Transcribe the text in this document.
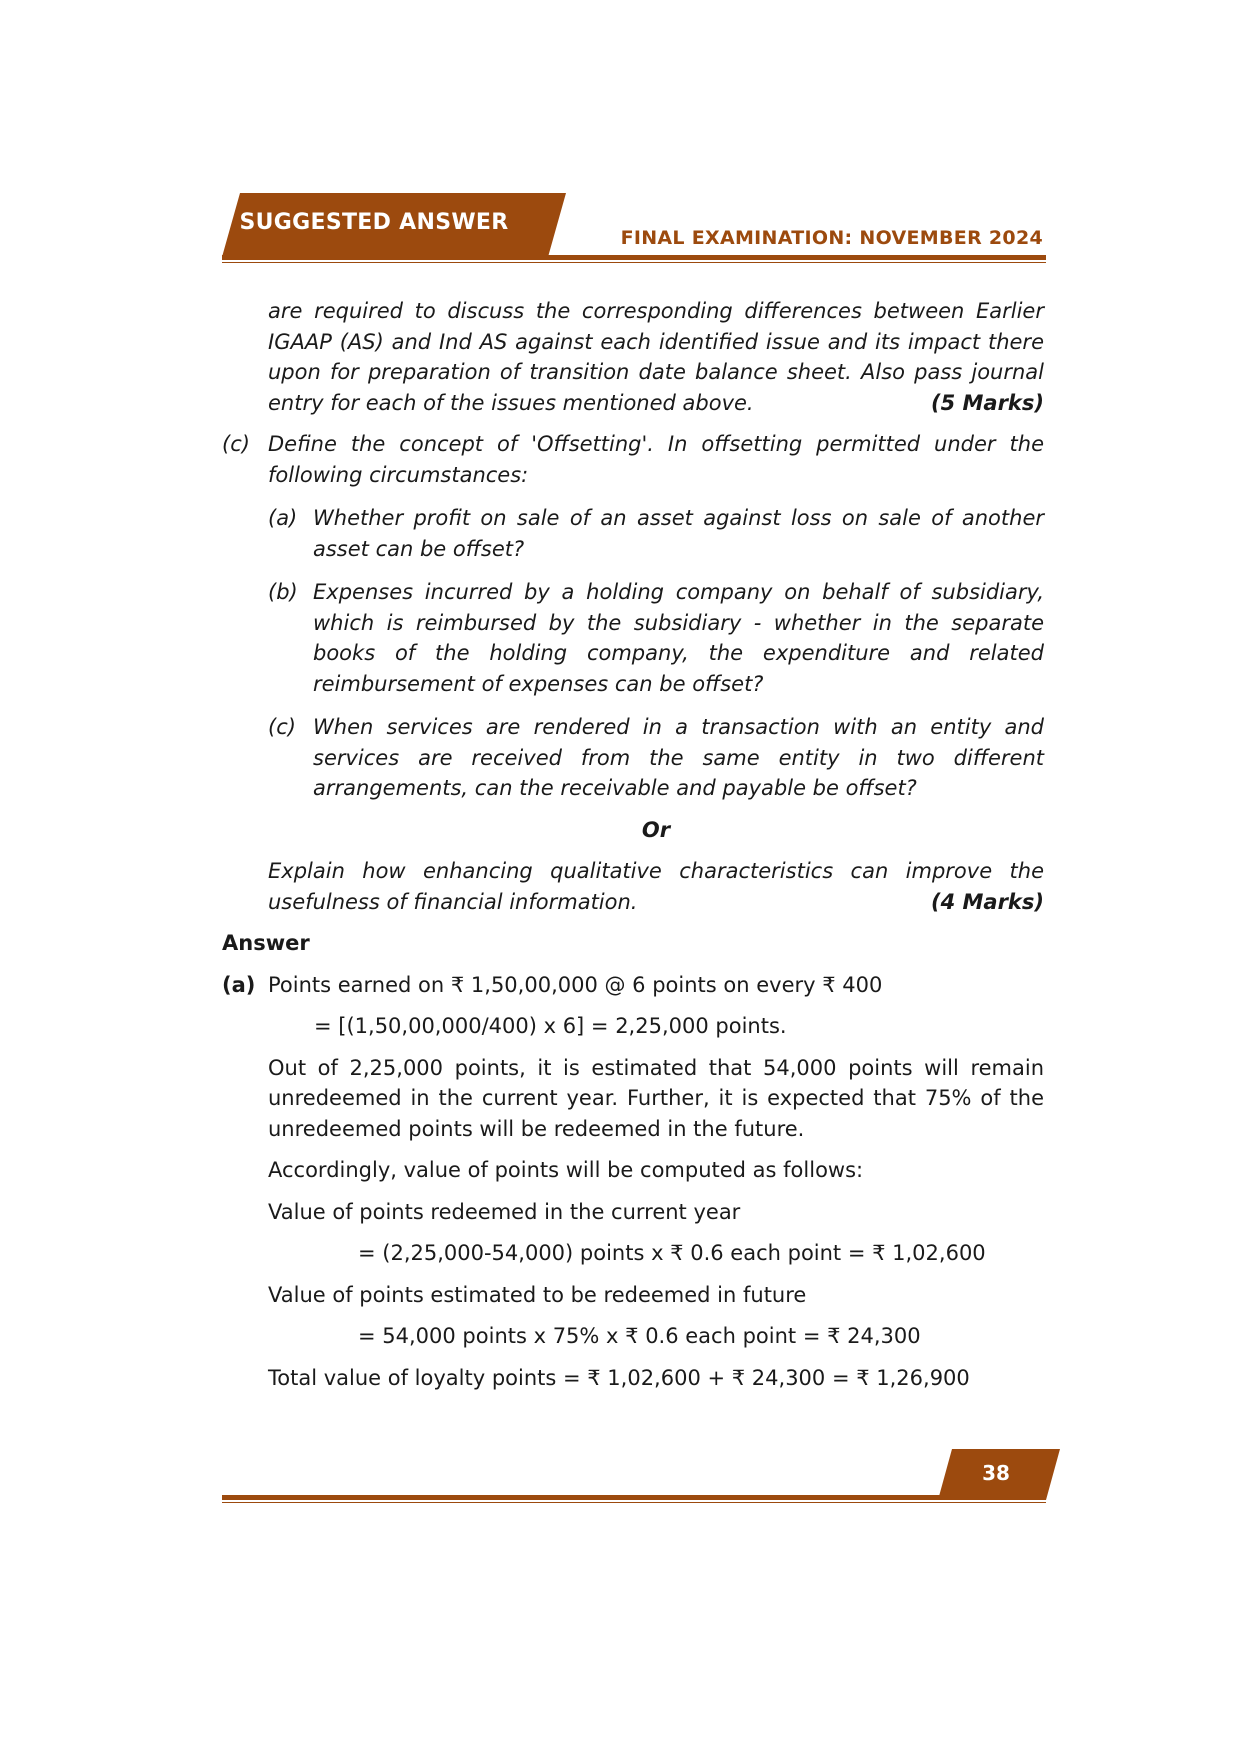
SUGGESTED ANSWER
FINAL EXAMINATION: NOVEMBER 2024
are required to discuss the corresponding differences between Earlier IGAAP (AS) and Ind AS against each identified issue and its impact there upon for preparation of transition date balance sheet. Also pass journal entry for each of the issues mentioned above.	(5 Marks)
(c) Define the concept of 'Offsetting'. In offsetting permitted under the following circumstances:
(a) Whether profit on sale of an asset against loss on sale of another asset can be offset?
(b) Expenses incurred by a holding company on behalf of subsidiary, which is reimbursed by the subsidiary - whether in the separate books of the holding company, the expenditure and related reimbursement of expenses can be offset?
(c) When services are rendered in a transaction with an entity and services are received from the same entity in two different arrangements, can the receivable and payable be offset?
Or
Explain how enhancing qualitative characteristics can improve the usefulness of financial information.	(4 Marks)
Answer
(a) Points earned on ₹ 1,50,00,000 @ 6 points on every ₹ 400
= [(1,50,00,000/400) x 6] = 2,25,000 points.
Out of 2,25,000 points, it is estimated that 54,000 points will remain unredeemed in the current year. Further, it is expected that 75% of the unredeemed points will be redeemed in the future.
Accordingly, value of points will be computed as follows:
Value of points redeemed in the current year
= (2,25,000-54,000) points x ₹ 0.6 each point = ₹ 1,02,600
Value of points estimated to be redeemed in future
= 54,000 points x 75% x ₹ 0.6 each point = ₹ 24,300
Total value of loyalty points = ₹ 1,02,600 + ₹ 24,300 = ₹ 1,26,900
38
